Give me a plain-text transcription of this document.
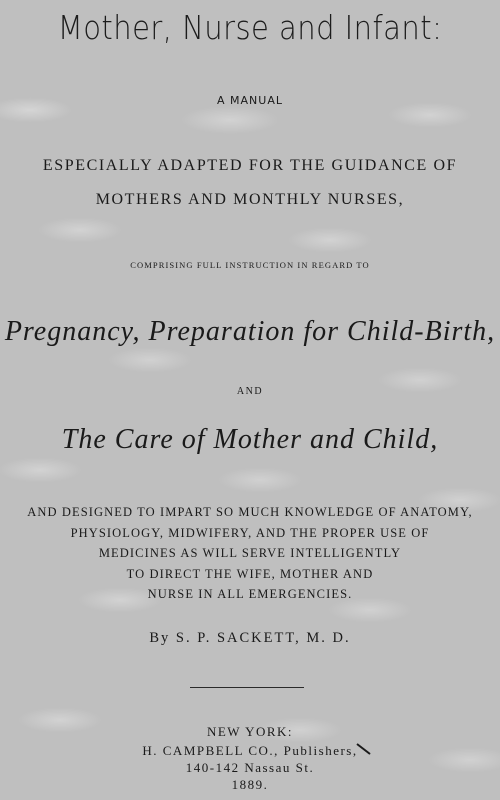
Mother, Nurse and Infant:
A MANUAL
ESPECIALLY ADAPTED FOR THE GUIDANCE OF
MOTHERS AND MONTHLY NURSES,
COMPRISING FULL INSTRUCTION IN REGARD TO
Pregnancy, Preparation for Child-Birth,
AND
The Care of Mother and Child,
AND DESIGNED TO IMPART SO MUCH KNOWLEDGE OF ANATOMY,
PHYSIOLOGY, MIDWIFERY, AND THE PROPER USE OF
MEDICINES AS WILL SERVE INTELLIGENTLY
TO DIRECT THE WIFE, MOTHER AND
NURSE IN ALL EMERGENCIES.
By S. P. SACKETT, M. D.
NEW YORK:
H. CAMPBELL CO., Publishers,
140-142 Nassau St.
1889.
